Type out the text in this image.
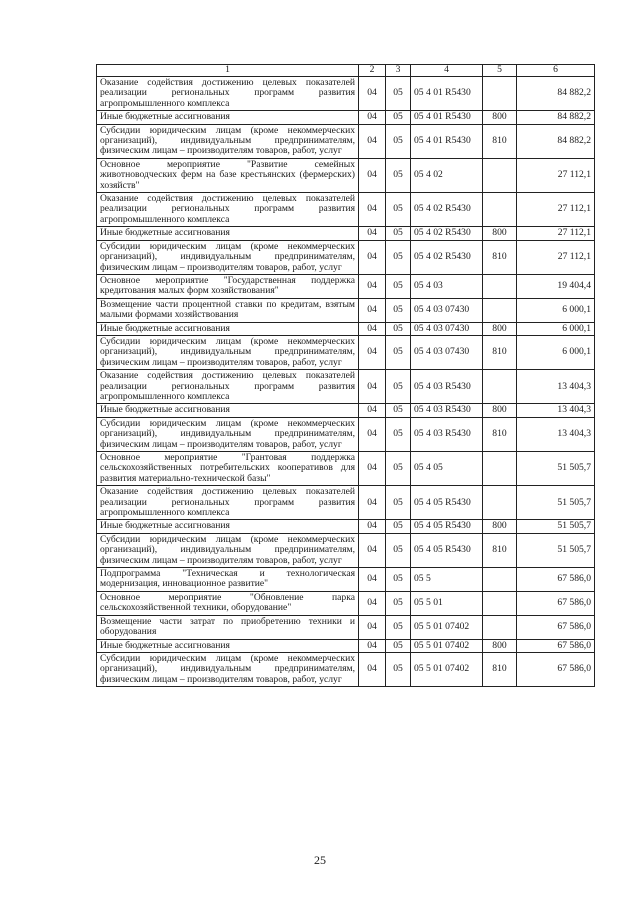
1	2	3	4	5	6
Оказание содействия достижению целевых показателей реализации региональных программ развития агропромышленного комплекса	04	05	05 4 01 R5430		84 882,2
Иные бюджетные ассигнования	04	05	05 4 01 R5430	800	84 882,2
Субсидии юридическим лицам (кроме некоммерческих организаций), индивидуальным предпринимателям, физическим лицам – производителям товаров, работ, услуг	04	05	05 4 01 R5430	810	84 882,2
Основное мероприятие "Развитие семейных животноводческих ферм на базе крестьянских (фермерских) хозяйств"	04	05	05 4 02		27 112,1
Оказание содействия достижению целевых показателей реализации региональных программ развития агропромышленного комплекса	04	05	05 4 02 R5430		27 112,1
Иные бюджетные ассигнования	04	05	05 4 02 R5430	800	27 112,1
Субсидии юридическим лицам (кроме некоммерческих организаций), индивидуальным предпринимателям, физическим лицам – производителям товаров, работ, услуг	04	05	05 4 02 R5430	810	27 112,1
Основное мероприятие "Государственная поддержка кредитования малых форм хозяйствования"	04	05	05 4 03		19 404,4
Возмещение части процентной ставки по кредитам, взятым малыми формами хозяйствования	04	05	05 4 03 07430		6 000,1
Иные бюджетные ассигнования	04	05	05 4 03 07430	800	6 000,1
Субсидии юридическим лицам (кроме некоммерческих организаций), индивидуальным предпринимателям, физическим лицам – производителям товаров, работ, услуг	04	05	05 4 03 07430	810	6 000,1
Оказание содействия достижению целевых показателей реализации региональных программ развития агропромышленного комплекса	04	05	05 4 03 R5430		13 404,3
Иные бюджетные ассигнования	04	05	05 4 03 R5430	800	13 404,3
Субсидии юридическим лицам (кроме некоммерческих организаций), индивидуальным предпринимателям, физическим лицам – производителям товаров, работ, услуг	04	05	05 4 03 R5430	810	13 404,3
Основное мероприятие "Грантовая поддержка сельскохозяйственных потребительских кооперативов для развития материально-технической базы"	04	05	05 4 05		51 505,7
Оказание содействия достижению целевых показателей реализации региональных программ развития агропромышленного комплекса	04	05	05 4 05 R5430		51 505,7
Иные бюджетные ассигнования	04	05	05 4 05 R5430	800	51 505,7
Субсидии юридическим лицам (кроме некоммерческих организаций), индивидуальным предпринимателям, физическим лицам – производителям товаров, работ, услуг	04	05	05 4 05 R5430	810	51 505,7
Подпрограмма "Техническая и технологическая модернизация, инновационное развитие"	04	05	05 5		67 586,0
Основное мероприятие "Обновление парка сельскохозяйственной техники, оборудование"	04	05	05 5 01		67 586,0
Возмещение части затрат по приобретению техники и оборудования	04	05	05 5 01 07402		67 586,0
Иные бюджетные ассигнования	04	05	05 5 01 07402	800	67 586,0
Субсидии юридическим лицам (кроме некоммерческих организаций), индивидуальным предпринимателям, физическим лицам – производителям товаров, работ, услуг	04	05	05 5 01 07402	810	67 586,0
25
